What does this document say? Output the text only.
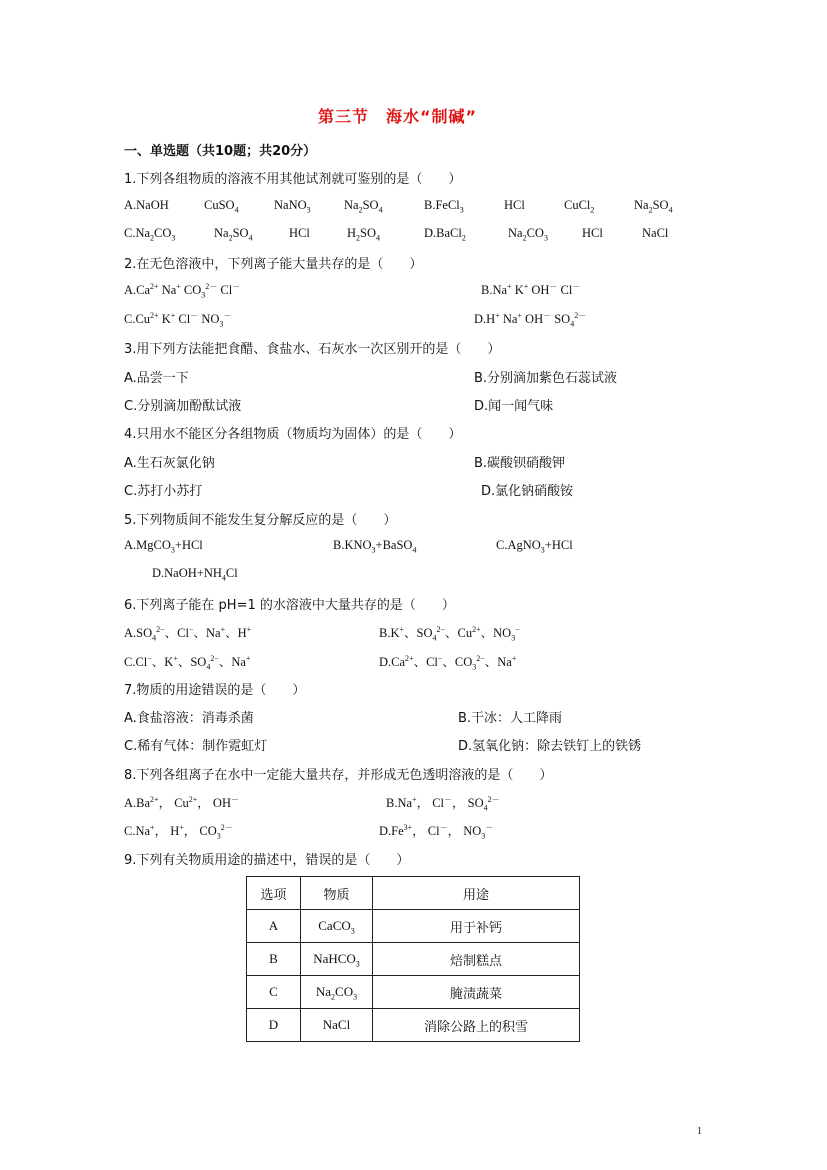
第三节　海水“制碱”
一、单选题（共10题；共20分）
1.下列各组物质的溶液不用其他试剂就可鉴别的是（　　）
A.NaOH	CuSO$_4$	NaNO$_3$	$Na_2SO_4$	B.FeCl$_3$	HCl	CuCl$_2$	$Na_2SO_4$
$C.Na_2CO_3$	$Na_2SO_4$	HCl	$H_2SO_4$	D.BaCl$_2$	$Na_2CO_3$	HCl	NaCl
2.在无色溶液中，下列离子能大量共存的是（　　）
$A.Ca^{2+}$ Na+ $CO_3^{2-}$ Cl－	B.Na+ K+ OH－ Cl－
$C.Cu^{2+}$ K+ Cl－ $NO_3^-$	D.H+ Na+ OH－ $SO_4^{2-}$
3.用下列方法能把食醋、食盐水、石灰水一次区别开的是（　　）
A.品尝一下	B.分别滴加紫色石蕊试液
C.分别滴加酚酞试液	D.闻一闻气味
4.只用水不能区分各组物质（物质均为固体）的是（　　）
A.生石灰氯化钠	B.碳酸钡硝酸钾
C.苏打小苏打	D.氯化钠硝酸铵
5.下列物质间不能发生复分解反应的是（　　）
A.MgCO$_3$+HCl	$B.KNO_3+BaSO_4$	C.AgNO$_3$+HCl
$D.NaOH+NH_4Cl$
6.下列离子能在 pH=1 的水溶液中大量共存的是（　　）
$A.SO_4^{2-}$、Cl−、Na+、H+	B.K+、$SO_4^{2-}$、$Cu^{2+}$、$NO_3^-$
C.Cl−、K+、$SO_4^{2-}$、Na+	$D.Ca^{2+}$、Cl−、$CO_3^{2-}$、Na+
7.物质的用途错误的是（　　）
A.食盐溶液：消毒杀菌	B.干冰：人工降雨
C.稀有气体：制作霓虹灯	D.氢氧化钠：除去铁钉上的铁锈
8.下列各组离子在水中一定能大量共存，并形成无色透明溶液的是（　　）
$A.Ba^{2+}$， $Cu^{2+}$， OH－	B.Na+， Cl－， $SO_4^{2-}$
C.Na+， H+， $CO_3^{2-}$	$D.Fe^{3+}$， Cl－， $NO_3^-$
9.下列有关物质用途的描述中，错误的是（　　）
选项	物质	用途
A	CaCO$_3$	用于补钙
B	NaHCO$_3$	焙制糕点
C	$Na_2CO_3$	腌渍蔬菜
D	NaCl	消除公路上的积雪
1
